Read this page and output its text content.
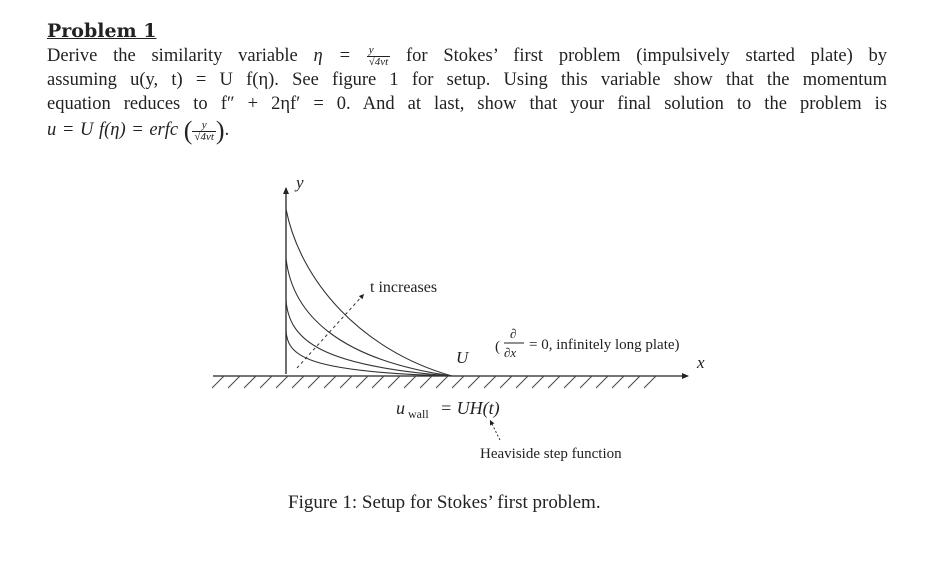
Problem 1
Derive the similarity variable $\eta = \frac{y}{√4\nu t}$ for Stokes’ first problem (impulsively started plate) by
assuming u(y, t) = U f(η). See figure 1 for setup. Using this variable show that the momentum
equation reduces to f″ + 2ηf′ = 0. And at last, show that your final solution to the problem is
u = U f(η) = erfc ( $\frac{y}{√4\nu t}$ ).
y
x
t increases
U
(
∂
∂x = 0, infinitely long plate)
u wall = UH(t)
Heaviside step function
Figure 1: Setup for Stokes’ first problem.
